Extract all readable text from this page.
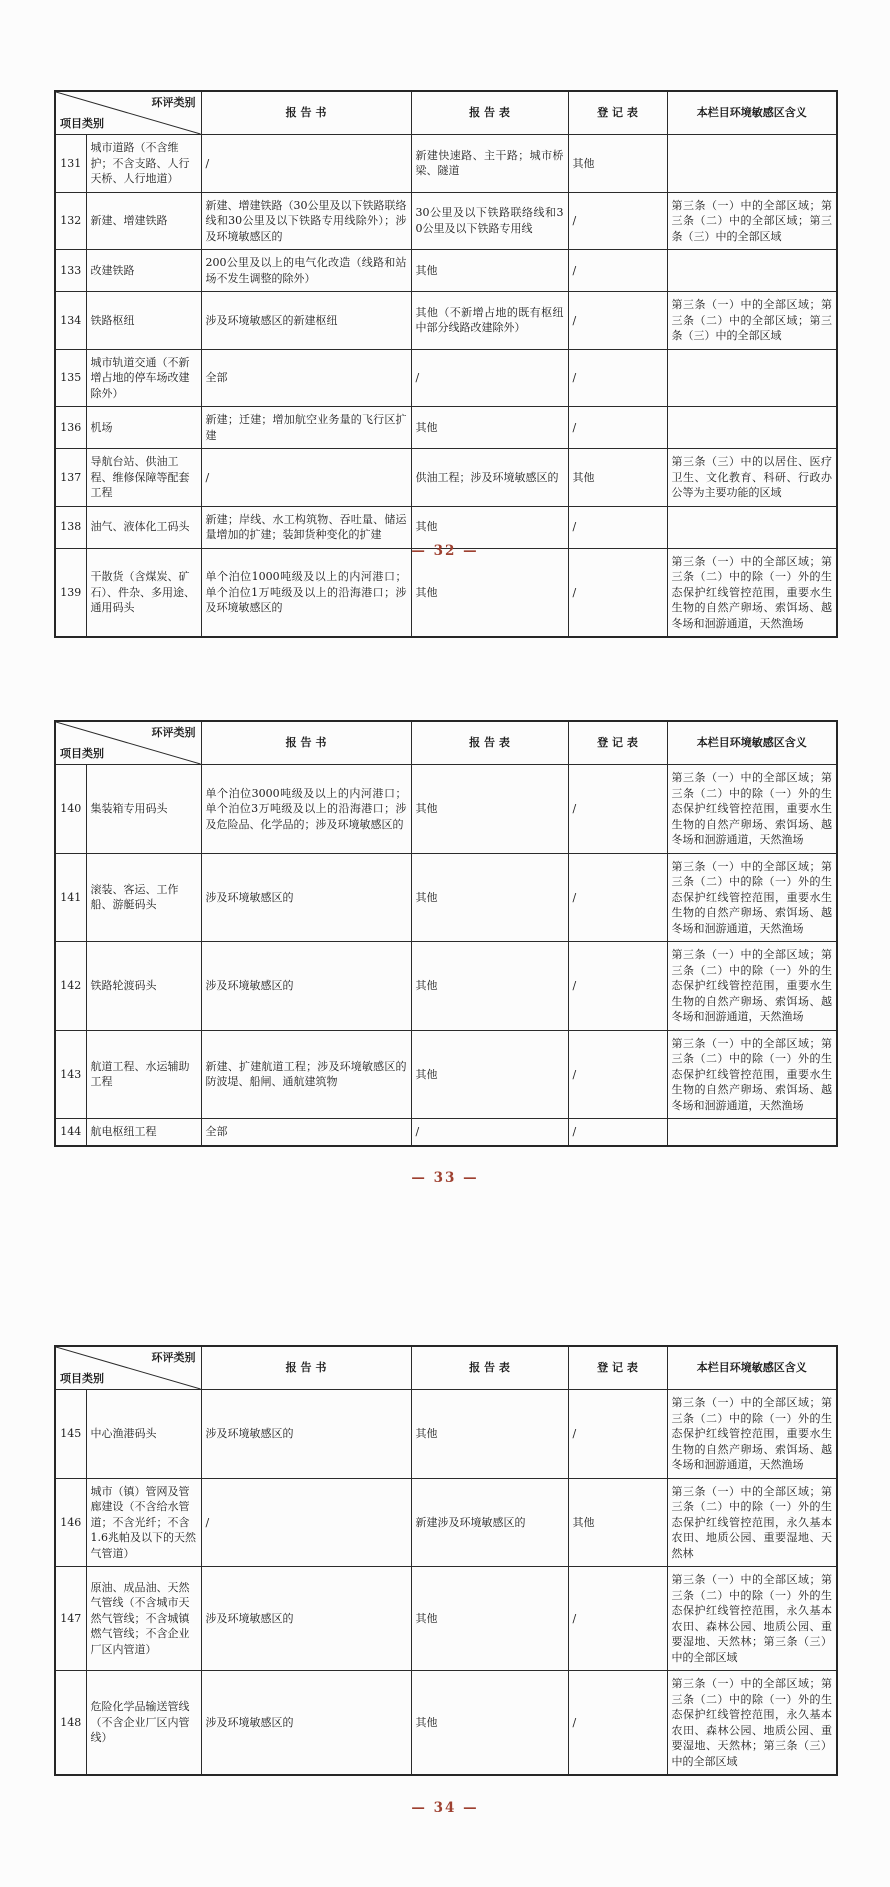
环评类别
项目类别		报 告 书	报 告 表	登 记 表	本栏目环境敏感区含义
131	城市道路（不含维护；不含支路、人行天桥、人行地道）	/	新建快速路、主干路；城市桥梁、隧道	其他	
132	新建、增建铁路	新建、增建铁路（30公里及以下铁路联络线和30公里及以下铁路专用线除外）；涉及环境敏感区的	30公里及以下铁路联络线和30公里及以下铁路专用线	/	第三条（一）中的全部区域；第三条（二）中的全部区域；第三条（三）中的全部区域
133	改建铁路	200公里及以上的电气化改造（线路和站场不发生调整的除外）	其他	/	
134	铁路枢纽	涉及环境敏感区的新建枢纽	其他（不新增占地的既有枢纽中部分线路改建除外）	/	第三条（一）中的全部区域；第三条（二）中的全部区域；第三条（三）中的全部区域
135	城市轨道交通（不新增占地的停车场改建除外）	全部	/	/	
136	机场	新建；迁建；增加航空业务量的飞行区扩建	其他	/	
137	导航台站、供油工程、维修保障等配套工程	/	供油工程；涉及环境敏感区的	其他	第三条（三）中的以居住、医疗卫生、文化教育、科研、行政办公等为主要功能的区域
138	油气、液体化工码头	新建；岸线、水工构筑物、吞吐量、储运量增加的扩建；装卸货种变化的扩建	其他	/	
139	干散货（含煤炭、矿石）、件杂、多用途、通用码头	单个泊位1000吨级及以上的内河港口；单个泊位1万吨级及以上的沿海港口；涉及环境敏感区的	其他	/	第三条（一）中的全部区域；第三条（二）中的除（一）外的生态保护红线管控范围，重要水生生物的自然产卵场、索饵场、越冬场和洄游通道，天然渔场
— 32 —
环评类别
项目类别		报 告 书	报 告 表	登 记 表	本栏目环境敏感区含义
140	集装箱专用码头	单个泊位3000吨级及以上的内河港口；单个泊位3万吨级及以上的沿海港口；涉及危险品、化学品的；涉及环境敏感区的	其他	/	第三条（一）中的全部区域；第三条（二）中的除（一）外的生态保护红线管控范围，重要水生生物的自然产卵场、索饵场、越冬场和洄游通道，天然渔场
141	滚装、客运、工作船、游艇码头	涉及环境敏感区的	其他	/	第三条（一）中的全部区域；第三条（二）中的除（一）外的生态保护红线管控范围，重要水生生物的自然产卵场、索饵场、越冬场和洄游通道，天然渔场
142	铁路轮渡码头	涉及环境敏感区的	其他	/	第三条（一）中的全部区域；第三条（二）中的除（一）外的生态保护红线管控范围，重要水生生物的自然产卵场、索饵场、越冬场和洄游通道，天然渔场
143	航道工程、水运辅助工程	新建、扩建航道工程；涉及环境敏感区的防波堤、船闸、通航建筑物	其他	/	第三条（一）中的全部区域；第三条（二）中的除（一）外的生态保护红线管控范围，重要水生生物的自然产卵场、索饵场、越冬场和洄游通道，天然渔场
144	航电枢纽工程	全部	/	/	
— 33 —
环评类别
项目类别		报 告 书	报 告 表	登 记 表	本栏目环境敏感区含义
145	中心渔港码头	涉及环境敏感区的	其他	/	第三条（一）中的全部区域；第三条（二）中的除（一）外的生态保护红线管控范围，重要水生生物的自然产卵场、索饵场、越冬场和洄游通道，天然渔场
146	城市（镇）管网及管廊建设（不含给水管道；不含光纤；不含1.6兆帕及以下的天然气管道）	/	新建涉及环境敏感区的	其他	第三条（一）中的全部区域；第三条（二）中的除（一）外的生态保护红线管控范围，永久基本农田、地质公园、重要湿地、天然林
147	原油、成品油、天然气管线（不含城市天然气管线；不含城镇燃气管线；不含企业厂区内管道）	涉及环境敏感区的	其他	/	第三条（一）中的全部区域；第三条（二）中的除（一）外的生态保护红线管控范围，永久基本农田、森林公园、地质公园、重要湿地、天然林；第三条（三）中的全部区域
148	危险化学品输送管线（不含企业厂区内管线）	涉及环境敏感区的	其他	/	第三条（一）中的全部区域；第三条（二）中的除（一）外的生态保护红线管控范围，永久基本农田、森林公园、地质公园、重要湿地、天然林；第三条（三）中的全部区域
— 34 —
